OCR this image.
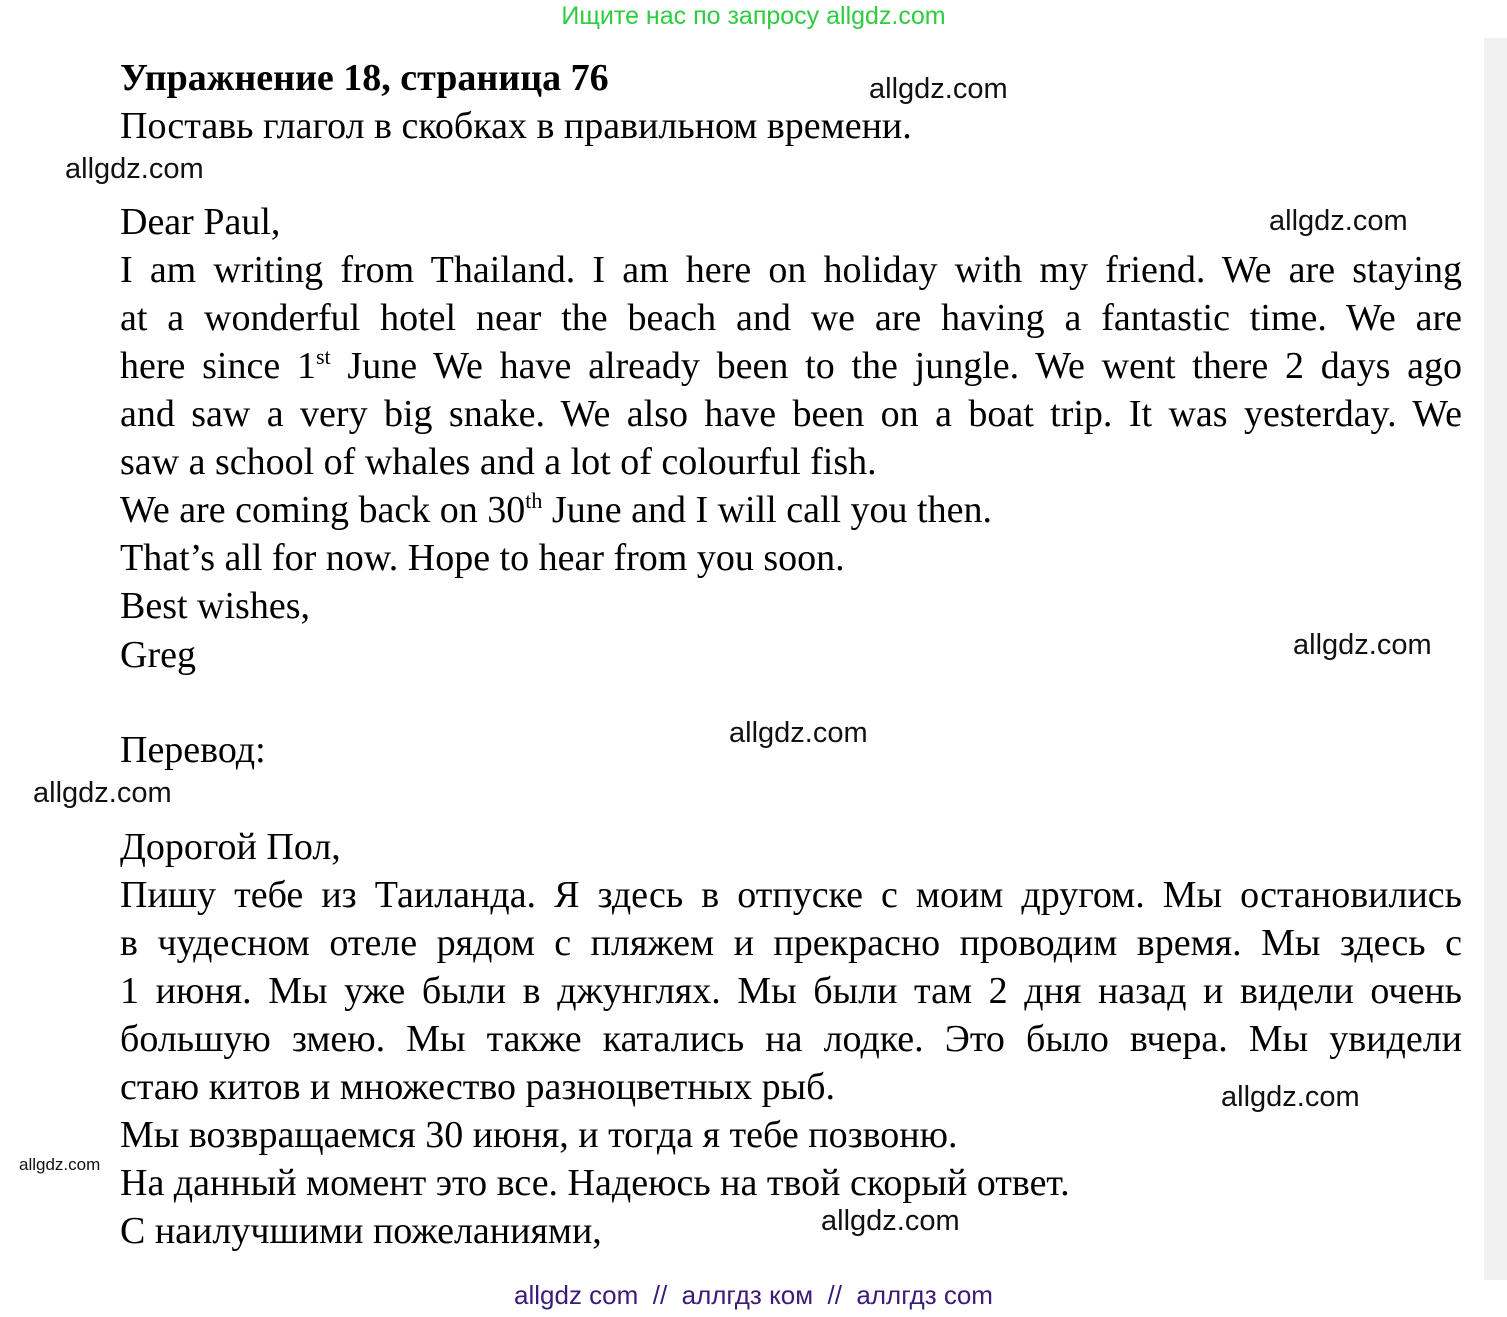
Ищите нас по запросу allgdz.com
Упражнение 18, страница 76
Поставь глагол в скобках в правильном времени.
Dear Paul,
I am writing from Thailand. I am here on holiday with my friend. We are staying
at a wonderful hotel near the beach and we are having a fantastic time. We are
here since 1st June We have already been to the jungle. We went there 2 days ago
and saw a very big snake. We also have been on a boat trip. It was yesterday. We
saw a school of whales and a lot of colourful fish.
We are coming back on 30th June and I will call you then.
That’s all for now. Hope to hear from you soon.
Best wishes,
Greg
Перевод:
Дорогой Пол,
Пишу тебе из Таиланда. Я здесь в отпуске с моим другом. Мы остановились
в чудесном отеле рядом с пляжем и прекрасно проводим время. Мы здесь с
1 июня. Мы уже были в джунглях. Мы были там 2 дня назад и видели очень
большую змею. Мы также катались на лодке. Это было вчера. Мы увидели
стаю китов и множество разноцветных рыб.
Мы возвращаемся 30 июня, и тогда я тебе позвоню.
На данный момент это все. Надеюсь на твой скорый ответ.
С наилучшими пожеланиями,
allgdz.com
allgdz.com
allgdz.com
allgdz.com
allgdz.com
allgdz.com
allgdz.com
allgdz.com
allgdz.com
allgdz com  //  аллгдз ком  //  аллгдз com
